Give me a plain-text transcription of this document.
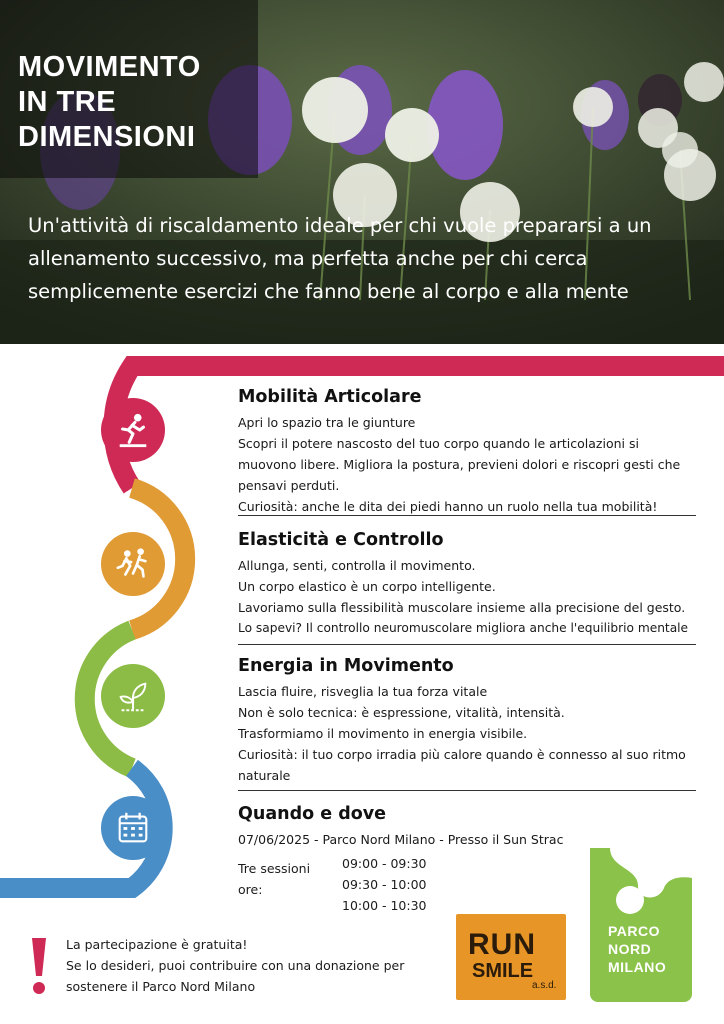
MOVIMENTO
IN TRE
DIMENSIONI
Un'attività di riscaldamento ideale per chi vuole prepararsi a un allenamento successivo, ma perfetta anche per chi cerca semplicemente esercizi che fanno bene al corpo e alla mente
Mobilità Articolare

Apri lo spazio tra le giunture

Scopri il potere nascosto del tuo corpo quando le articolazioni si muovono libere. Migliora la postura, previeni dolori e riscopri gesti che pensavi perduti.

Curiosità: anche le dita dei piedi hanno un ruolo nella tua mobilità!

Elasticità e Controllo

Allunga, senti, controlla il movimento.

Un corpo elastico è un corpo intelligente.

Lavoriamo sulla flessibilità muscolare insieme alla precisione del gesto.

Lo sapevi? Il controllo neuromuscolare migliora anche l'equilibrio mentale

Energia in Movimento

Lascia fluire, risveglia la tua forza vitale

Non è solo tecnica: è espressione, vitalità, intensità.

Trasformiamo il movimento in energia visibile.

Curiosità: il tuo corpo irradia più calore quando è connesso al suo ritmo naturale

Quando e dove

07/06/2025 - Parco Nord Milano - Presso il Sun Strac

Tre sessioni ore:
09:00 - 09:30
09:30 - 10:00
10:00 - 10:30

La partecipazione è gratuita!

Se lo desideri, puoi contribuire con una donazione per sostenere il Parco Nord Milano

RUN
SMILE
a.s.d.
PARCO
NORD
MILANO
